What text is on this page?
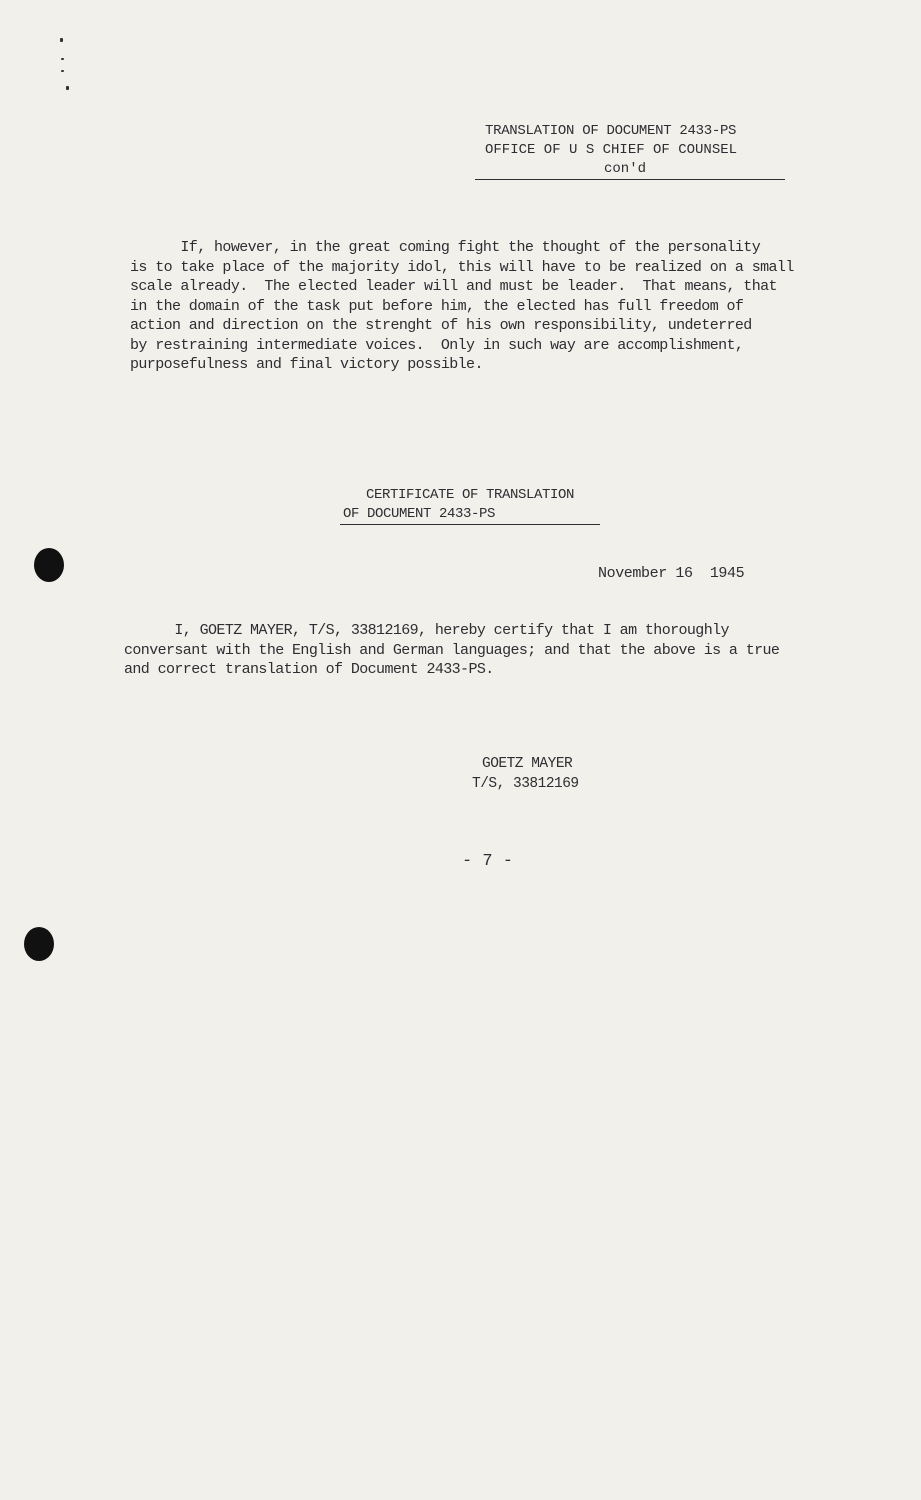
TRANSLATION OF DOCUMENT 2433-PS
OFFICE OF U S CHIEF OF COUNSEL
con'd

If, however, in the great coming fight the thought of the personality
is to take place of the majority idol, this will have to be realized on a small
scale already.  The elected leader will and must be leader.  That means, that
in the domain of the task put before him, the elected has full freedom of
action and direction on the strenght of his own responsibility, undeterred
by restraining intermediate voices.  Only in such way are accomplishment,
purposefulness and final victory possible.

CERTIFICATE OF TRANSLATION
OF DOCUMENT 2433-PS
November 16  1945

I, GOETZ MAYER, T/S, 33812169, hereby certify that I am thoroughly
conversant with the English and German languages; and that the above is a true
and correct translation of Document 2433-PS.

GOETZ MAYER
T/S, 33812169
- 7 -
